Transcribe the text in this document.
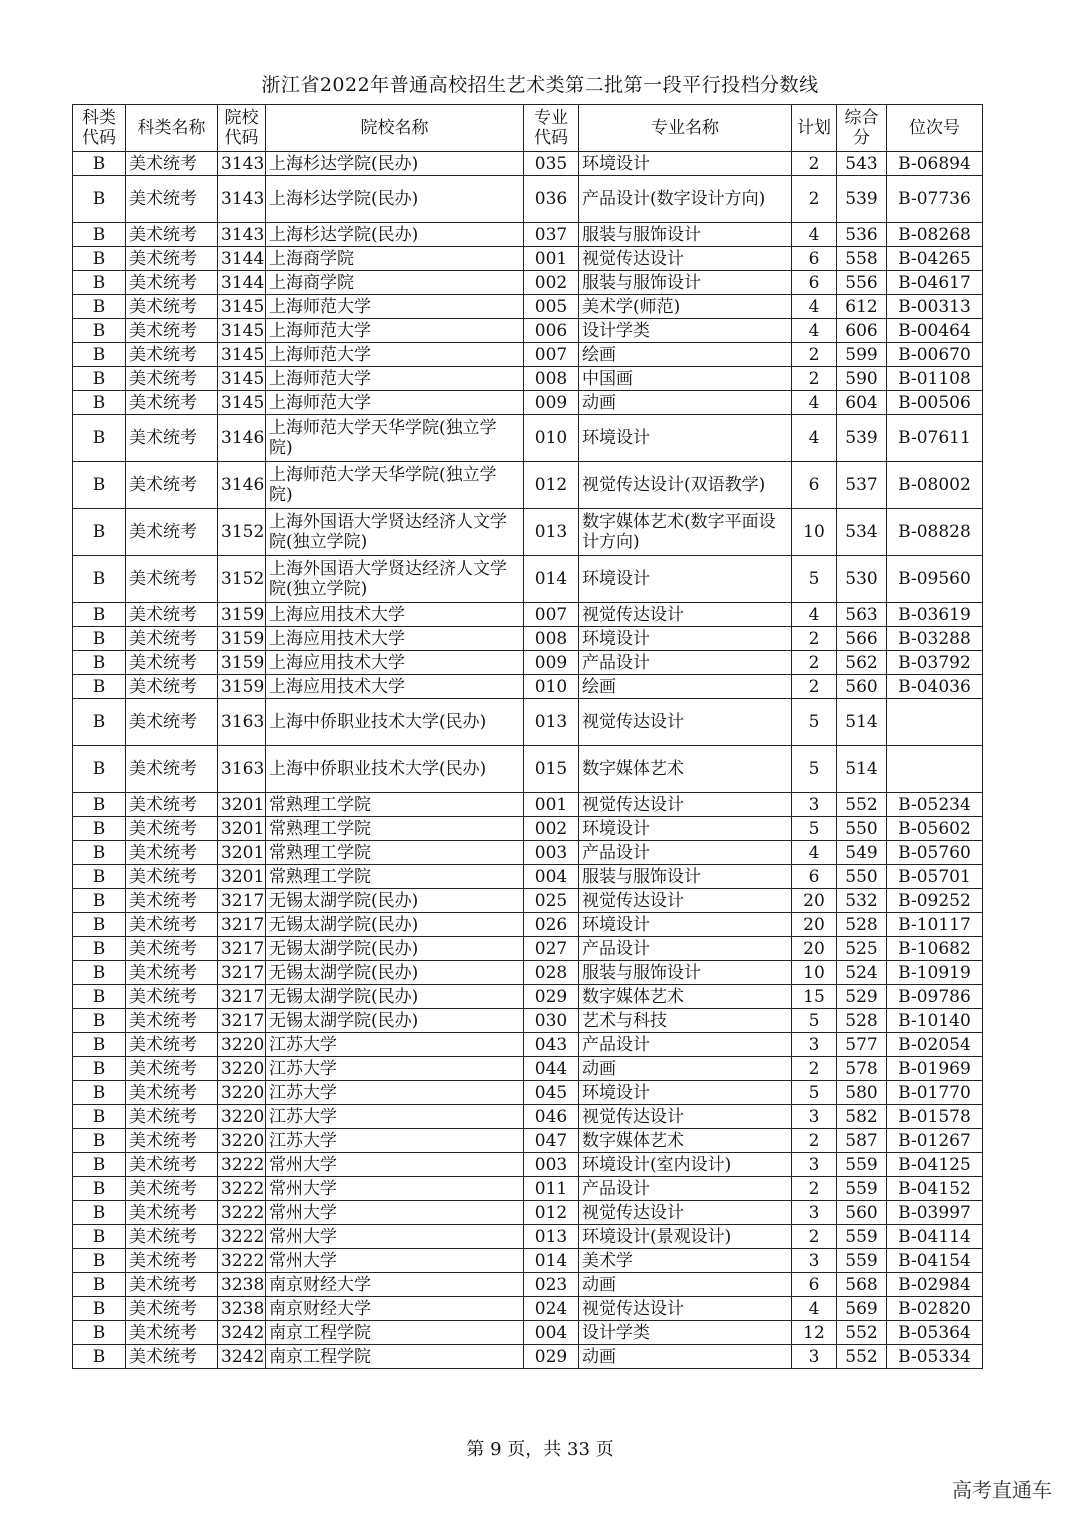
浙江省2022年普通高校招生艺术类第二批第一段平行投档分数线
科类代码	科类名称	院校代码	院校名称	专业代码	专业名称	计划	综合分	位次号
B	美术统考	3143	上海杉达学院(民办)	035	环境设计	2	543	B-06894
B	美术统考	3143	上海杉达学院(民办)	036	产品设计(数字设计方向)	2	539	B-07736
B	美术统考	3143	上海杉达学院(民办)	037	服装与服饰设计	4	536	B-08268
B	美术统考	3144	上海商学院	001	视觉传达设计	6	558	B-04265
B	美术统考	3144	上海商学院	002	服装与服饰设计	6	556	B-04617
B	美术统考	3145	上海师范大学	005	美术学(师范)	4	612	B-00313
B	美术统考	3145	上海师范大学	006	设计学类	4	606	B-00464
B	美术统考	3145	上海师范大学	007	绘画	2	599	B-00670
B	美术统考	3145	上海师范大学	008	中国画	2	590	B-01108
B	美术统考	3145	上海师范大学	009	动画	4	604	B-00506
B	美术统考	3146	上海师范大学天华学院(独立学院)	010	环境设计	4	539	B-07611
B	美术统考	3146	上海师范大学天华学院(独立学院)	012	视觉传达设计(双语教学)	6	537	B-08002
B	美术统考	3152	上海外国语大学贤达经济人文学院(独立学院)	013	数字媒体艺术(数字平面设计方向)	10	534	B-08828
B	美术统考	3152	上海外国语大学贤达经济人文学院(独立学院)	014	环境设计	5	530	B-09560
B	美术统考	3159	上海应用技术大学	007	视觉传达设计	4	563	B-03619
B	美术统考	3159	上海应用技术大学	008	环境设计	2	566	B-03288
B	美术统考	3159	上海应用技术大学	009	产品设计	2	562	B-03792
B	美术统考	3159	上海应用技术大学	010	绘画	2	560	B-04036
B	美术统考	3163	上海中侨职业技术大学(民办)	013	视觉传达设计	5	514	
B	美术统考	3163	上海中侨职业技术大学(民办)	015	数字媒体艺术	5	514	
B	美术统考	3201	常熟理工学院	001	视觉传达设计	3	552	B-05234
B	美术统考	3201	常熟理工学院	002	环境设计	5	550	B-05602
B	美术统考	3201	常熟理工学院	003	产品设计	4	549	B-05760
B	美术统考	3201	常熟理工学院	004	服装与服饰设计	6	550	B-05701
B	美术统考	3217	无锡太湖学院(民办)	025	视觉传达设计	20	532	B-09252
B	美术统考	3217	无锡太湖学院(民办)	026	环境设计	20	528	B-10117
B	美术统考	3217	无锡太湖学院(民办)	027	产品设计	20	525	B-10682
B	美术统考	3217	无锡太湖学院(民办)	028	服装与服饰设计	10	524	B-10919
B	美术统考	3217	无锡太湖学院(民办)	029	数字媒体艺术	15	529	B-09786
B	美术统考	3217	无锡太湖学院(民办)	030	艺术与科技	5	528	B-10140
B	美术统考	3220	江苏大学	043	产品设计	3	577	B-02054
B	美术统考	3220	江苏大学	044	动画	2	578	B-01969
B	美术统考	3220	江苏大学	045	环境设计	5	580	B-01770
B	美术统考	3220	江苏大学	046	视觉传达设计	3	582	B-01578
B	美术统考	3220	江苏大学	047	数字媒体艺术	2	587	B-01267
B	美术统考	3222	常州大学	003	环境设计(室内设计)	3	559	B-04125
B	美术统考	3222	常州大学	011	产品设计	2	559	B-04152
B	美术统考	3222	常州大学	012	视觉传达设计	3	560	B-03997
B	美术统考	3222	常州大学	013	环境设计(景观设计)	2	559	B-04114
B	美术统考	3222	常州大学	014	美术学	3	559	B-04154
B	美术统考	3238	南京财经大学	023	动画	6	568	B-02984
B	美术统考	3238	南京财经大学	024	视觉传达设计	4	569	B-02820
B	美术统考	3242	南京工程学院	004	设计学类	12	552	B-05364
B	美术统考	3242	南京工程学院	029	动画	3	552	B-05334
第 9 页，共 33 页
高考直通车
